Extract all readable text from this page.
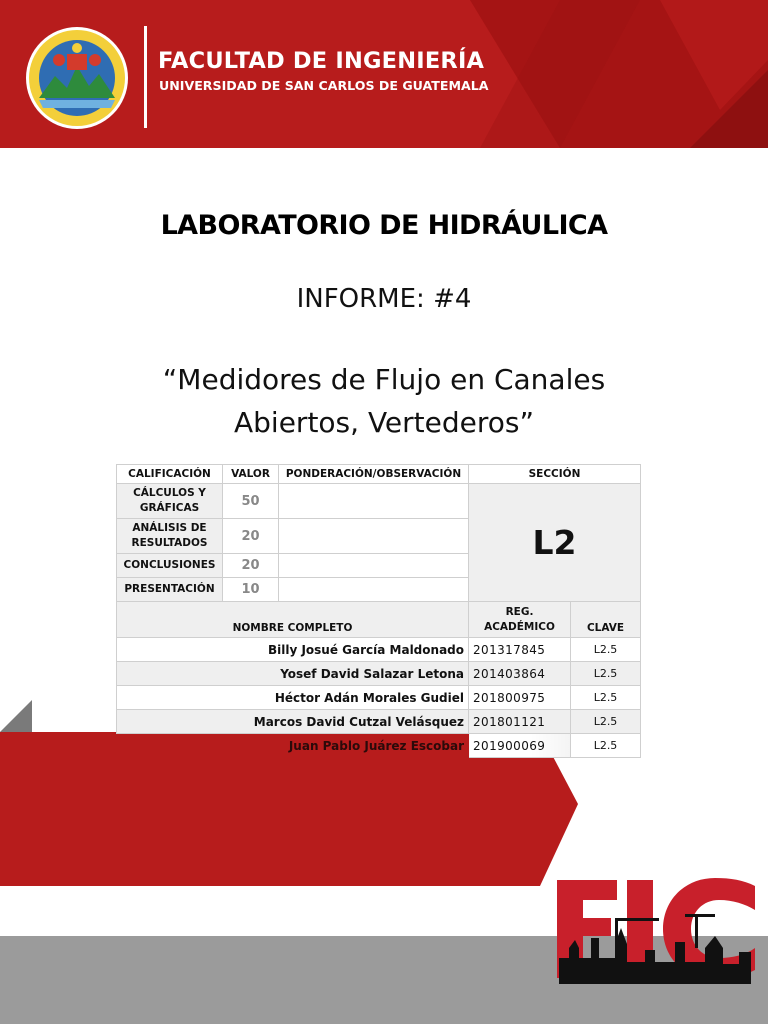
FACULTAD DE INGENIERÍA
UNIVERSIDAD DE SAN CARLOS DE GUATEMALA
LABORATORIO DE HIDRÁULICA
INFORME: #4
“Medidores de Flujo en Canales
Abiertos, Vertederos”
CALIFICACIÓN	VALOR	PONDERACIÓN/OBSERVACIÓN	SECCIÓN	
CÁLCULOS Y GRÁFICAS	50		L2	
ANÁLISIS DE RESULTADOS	20			
CONCLUSIONES	20			
PRESENTACIÓN	10			
NOMBRE COMPLETO			REG. ACADÉMICO	CLAVE
Billy Josué García Maldonado			201317845	L2.5
Yosef David Salazar Letona			201403864	L2.5
Héctor Adán Morales Gudiel			201800975	L2.5
Marcos David Cutzal Velásquez			201801121	L2.5
Juan Pablo Juárez Escobar			201900069	L2.5
